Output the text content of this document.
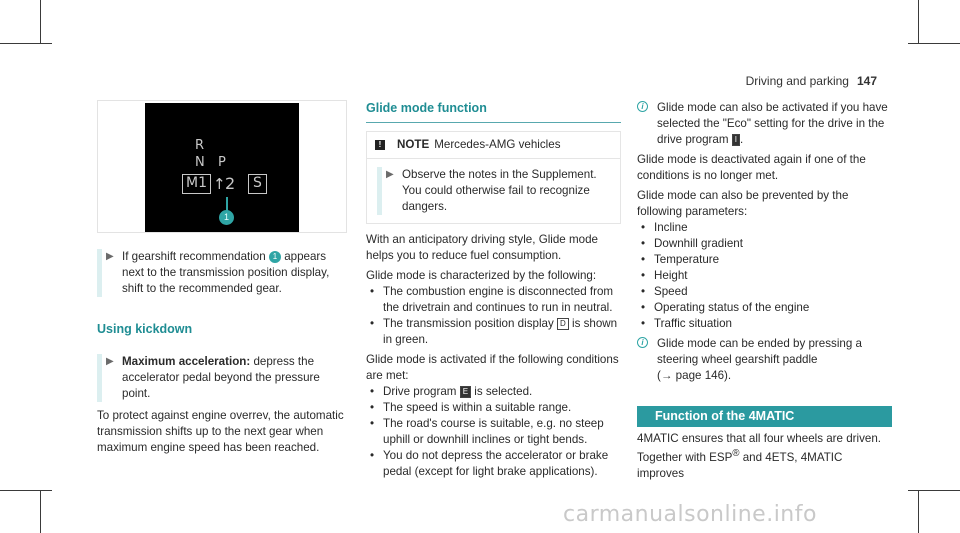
Driving and parking 147
R
N P
M1 ↑ 2	S
1
▶ If gearshift recommendation 1 appears next to the transmission position display, shift to the recommended gear.
Using kickdown
▶ Maximum acceleration: depress the accelerator pedal beyond the pressure point.

To protect against engine overrev, the automatic transmission shifts up to the next gear when maximum engine speed has been reached.

Glide mode function
!	NOTE Mercedes-AMG vehicles
▶ Observe the notes in the Supplement. You could otherwise fail to recognize dangers.

With an anticipatory driving style, Glide mode helps you to reduce fuel consumption.

Glide mode is characterized by the following:

• The combustion engine is disconnected from the drivetrain and continues to run in neutral.
• The transmission position display D is shown in green.

Glide mode is activated if the following conditions are met:

• Drive program E is selected.
• The speed is within a suitable range.
• The road's course is suitable, e.g. no steep uphill or downhill inclines or tight bends.
• You do not depress the accelerator or brake pedal (except for light brake applications).
i	Glide mode can also be activated if you have selected the "Eco" setting for the drive in the drive program I .

Glide mode is deactivated again if one of the conditions is no longer met.

Glide mode can also be prevented by the following parameters:

• Incline
• Downhill gradient
• Temperature
• Height
• Speed
• Operating status of the engine
• Traffic situation
i	Glide mode can be ended by pressing a steering wheel gearshift paddle
(→ page 146).
Function of the 4MATIC

4MATIC ensures that all four wheels are driven. Together with ESP® and 4ETS, 4MATIC improves

carmanualsonline.info
